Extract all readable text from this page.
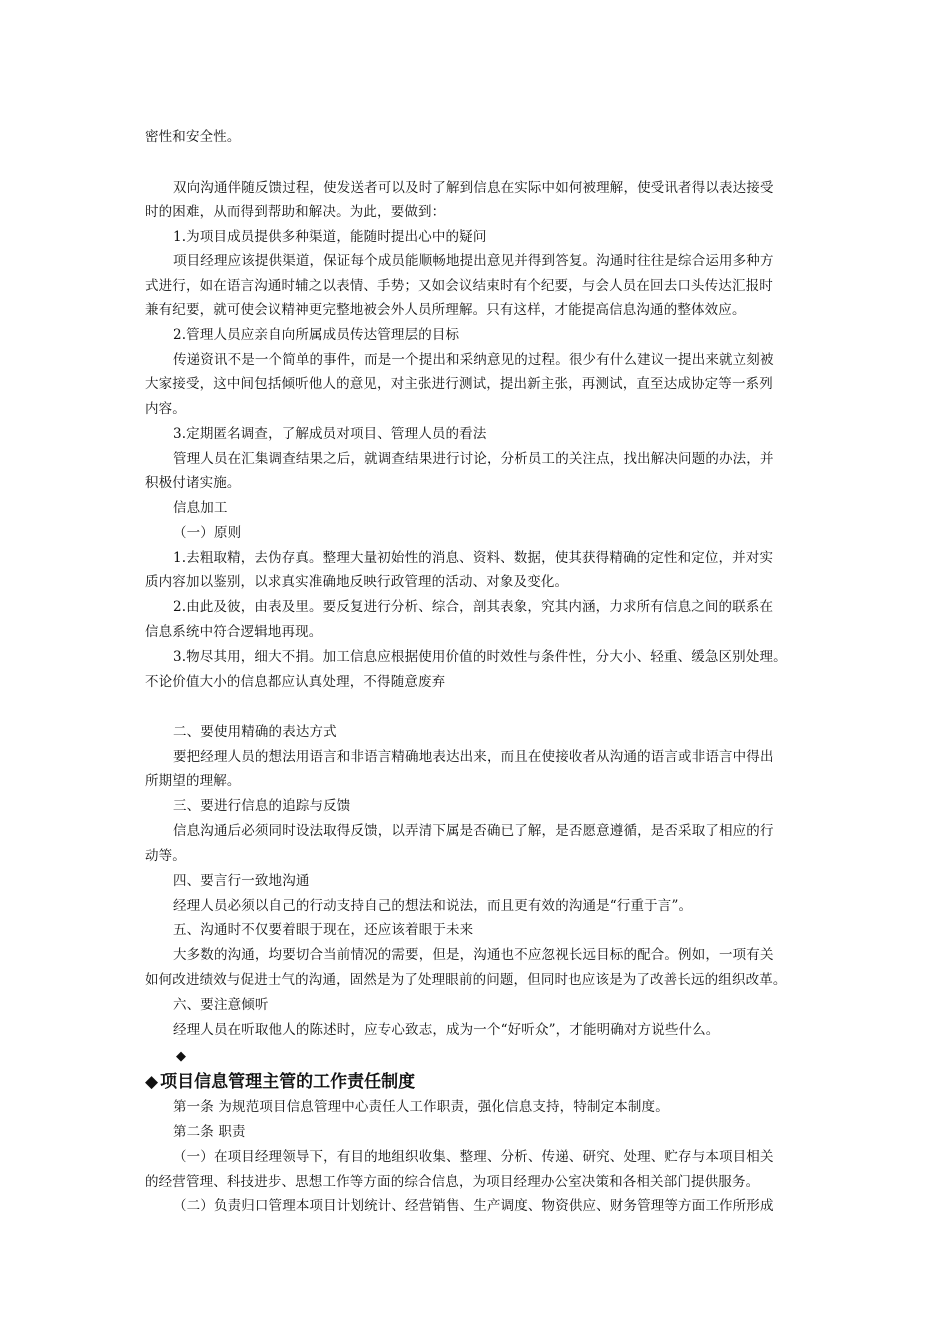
密性和安全性。

双向沟通伴随反馈过程，使发送者可以及时了解到信息在实际中如何被理解，使受讯者得以表达接受

时的困难，从而得到帮助和解决。为此，要做到：

1.为项目成员提供多种渠道，能随时提出心中的疑问

项目经理应该提供渠道，保证每个成员能顺畅地提出意见并得到答复。沟通时往往是综合运用多种方

式进行，如在语言沟通时辅之以表情、手势；又如会议结束时有个纪要，与会人员在回去口头传达汇报时

兼有纪要，就可使会议精神更完整地被会外人员所理解。只有这样，才能提高信息沟通的整体效应。

2.管理人员应亲自向所属成员传达管理层的目标

传递资讯不是一个简单的事件，而是一个提出和采纳意见的过程。很少有什么建议一提出来就立刻被

大家接受，这中间包括倾听他人的意见，对主张进行测试，提出新主张，再测试，直至达成协定等一系列

内容。

3.定期匿名调查，了解成员对项目、管理人员的看法

管理人员在汇集调查结果之后，就调查结果进行讨论，分析员工的关注点，找出解决问题的办法，并

积极付诸实施。

信息加工

（一）原则

1.去粗取精，去伪存真。整理大量初始性的消息、资料、数据，使其获得精确的定性和定位，并对实

质内容加以鉴别，以求真实准确地反映行政管理的活动、对象及变化。

2.由此及彼，由表及里。要反复进行分析、综合，剖其表象，究其内涵，力求所有信息之间的联系在

信息系统中符合逻辑地再现。

3.物尽其用，细大不捐。加工信息应根据使用价值的时效性与条件性，分大小、轻重、缓急区别处理。

不论价值大小的信息都应认真处理，不得随意废弃

二、要使用精确的表达方式

要把经理人员的想法用语言和非语言精确地表达出来，而且在使接收者从沟通的语言或非语言中得出

所期望的理解。

三、要进行信息的追踪与反馈

信息沟通后必须同时设法取得反馈，以弄清下属是否确已了解，是否愿意遵循，是否采取了相应的行

动等。

四、要言行一致地沟通

经理人员必须以自己的行动支持自己的想法和说法，而且更有效的沟通是“行重于言”。

五、沟通时不仅要着眼于现在，还应该着眼于未来

大多数的沟通，均要切合当前情况的需要，但是，沟通也不应忽视长远目标的配合。例如，一项有关

如何改进绩效与促进士气的沟通，固然是为了处理眼前的问题，但同时也应该是为了改善长远的组织改革。

六、要注意倾听

经理人员在听取他人的陈述时，应专心致志，成为一个“好听众”，才能明确对方说些什么。

◆
◆ 项目信息管理主管的工作责任制度

第一条 为规范项目信息管理中心责任人工作职责，强化信息支持，特制定本制度。

第二条 职责

（一）在项目经理领导下，有目的地组织收集、整理、分析、传递、研究、处理、贮存与本项目相关

的经营管理、科技进步、思想工作等方面的综合信息，为项目经理办公室决策和各相关部门提供服务。

（二）负责归口管理本项目计划统计、经营销售、生产调度、物资供应、财务管理等方面工作所形成
